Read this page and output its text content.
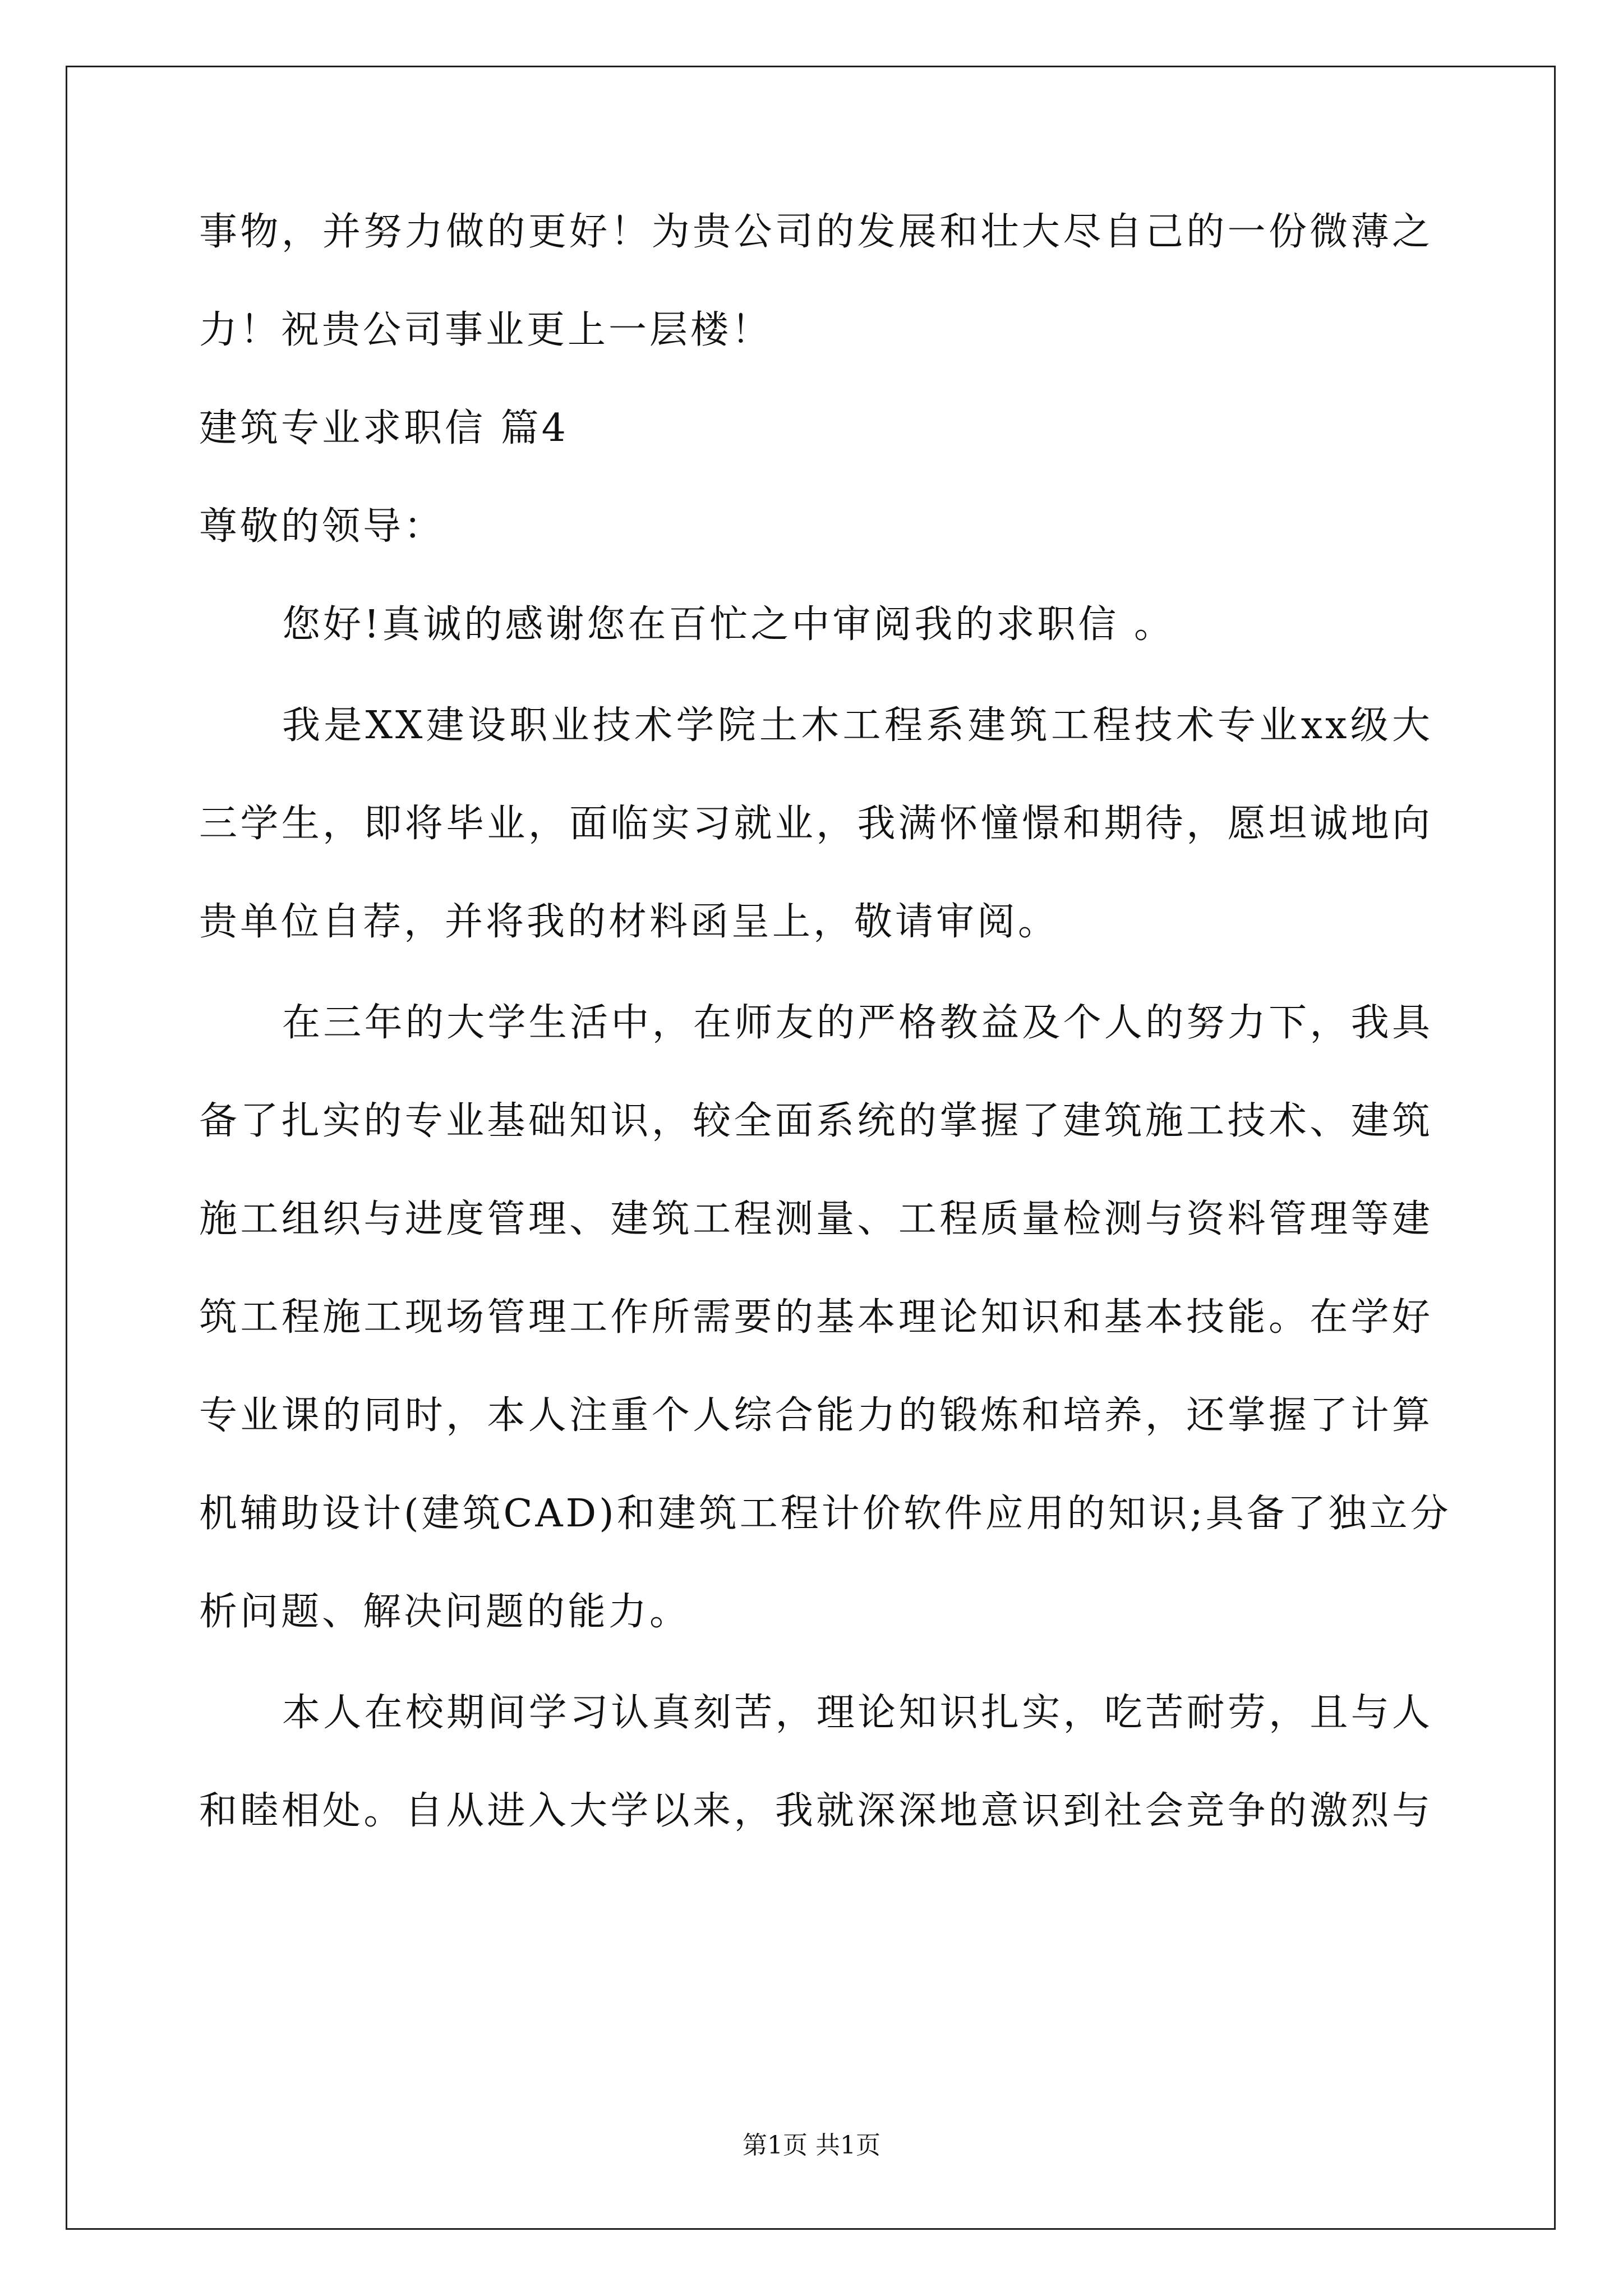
事物，并努力做的更好！为贵公司的发展和壮大尽自己的一份微薄之
力！祝贵公司事业更上一层楼！
建筑专业求职信 篇4
尊敬的领导：
您好!真诚的感谢您在百忙之中审阅我的求职信 。
我是XX建设职业技术学院土木工程系建筑工程技术专业xx级大
三学生，即将毕业，面临实习就业，我满怀憧憬和期待，愿坦诚地向
贵单位自荐，并将我的材料函呈上，敬请审阅。
在三年的大学生活中，在师友的严格教益及个人的努力下，我具
备了扎实的专业基础知识，较全面系统的掌握了建筑施工技术、建筑
施工组织与进度管理、建筑工程测量、工程质量检测与资料管理等建
筑工程施工现场管理工作所需要的基本理论知识和基本技能。在学好
专业课的同时，本人注重个人综合能力的锻炼和培养，还掌握了计算
机辅助设计(建筑CAD)和建筑工程计价软件应用的知识;具备了独立分
析问题、解决问题的能力。
本人在校期间学习认真刻苦，理论知识扎实，吃苦耐劳，且与人
和睦相处。自从进入大学以来，我就深深地意识到社会竞争的激烈与
第1页 共1页
